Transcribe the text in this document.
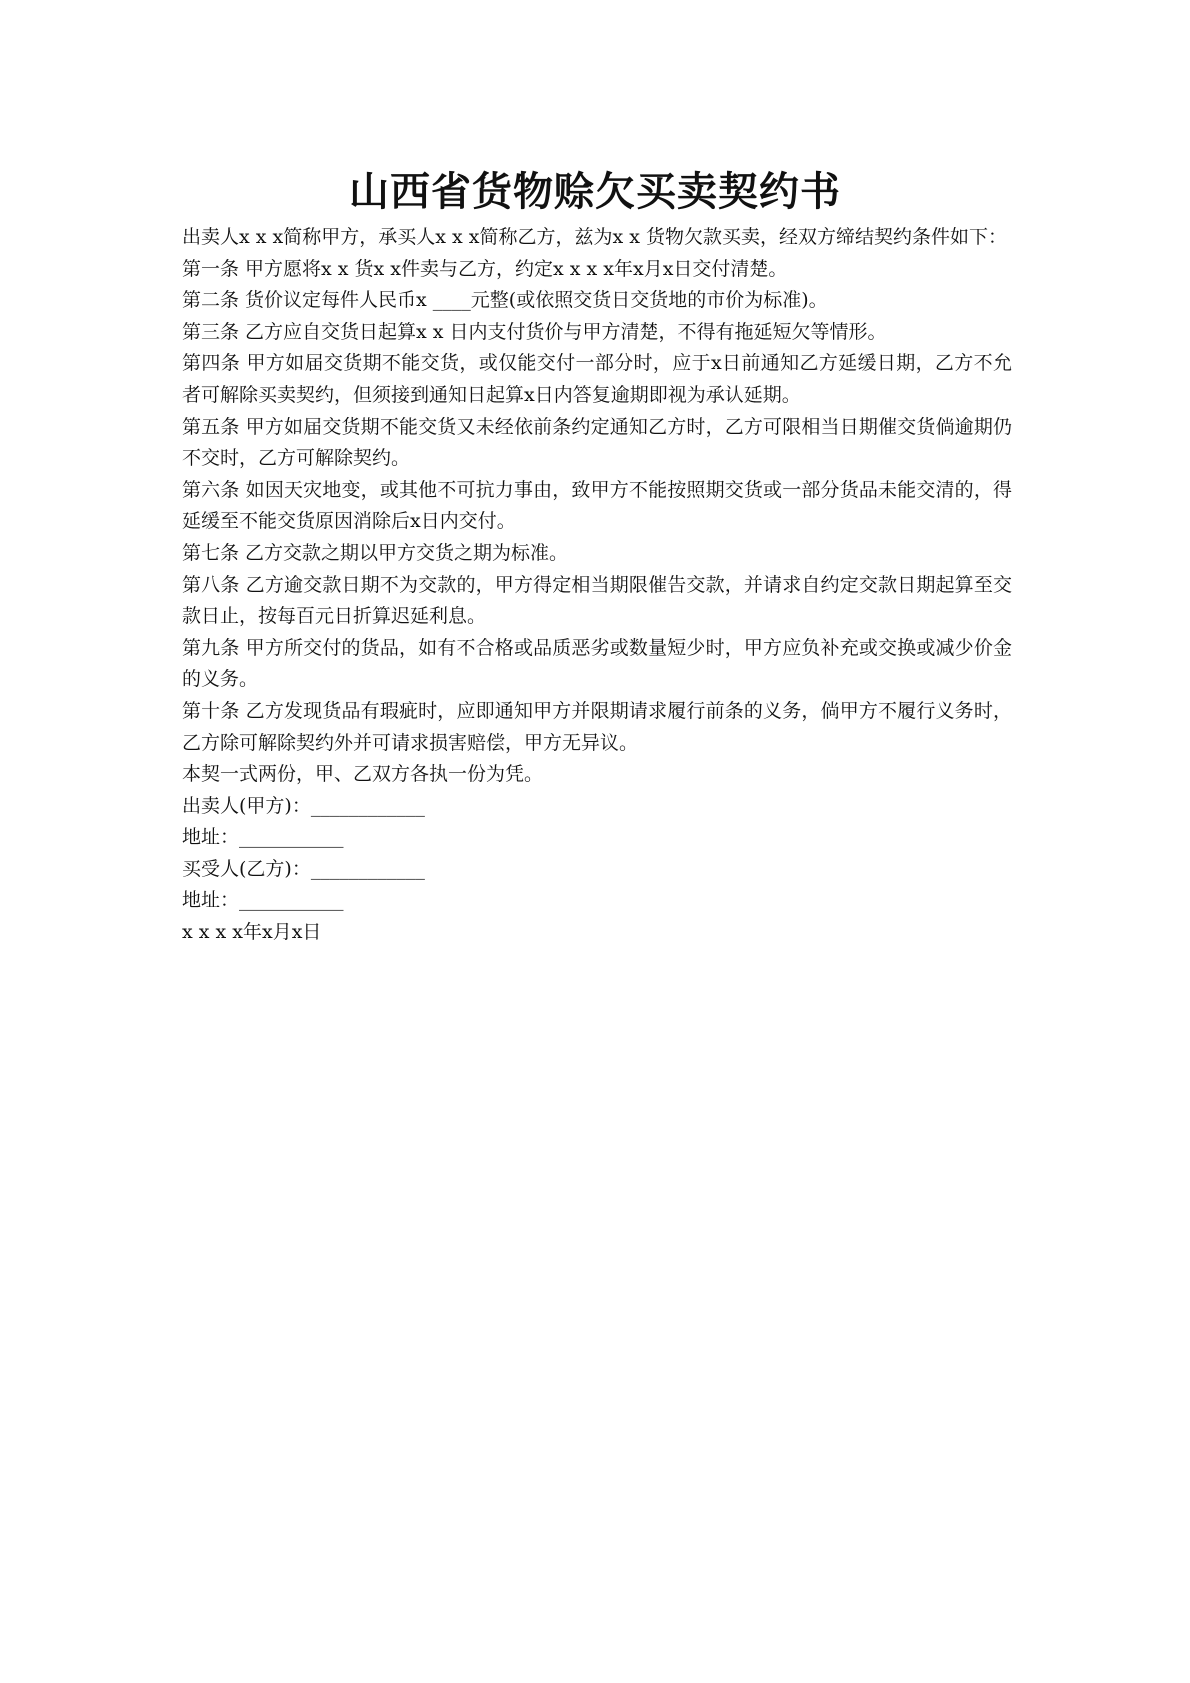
山西省货物赊欠买卖契约书

出卖人x x x简称甲方，承买人x x x简称乙方，兹为x x 货物欠款买卖，经双方缔结契约条件如下：

第一条 甲方愿将x x 货x x件卖与乙方，约定x x x x年x月x日交付清楚。

第二条 货价议定每件人民币x ____元整(或依照交货日交货地的市价为标准)。

第三条 乙方应自交货日起算x x 日内支付货价与甲方清楚，不得有拖延短欠等情形。

第四条 甲方如届交货期不能交货，或仅能交付一部分时，应于x日前通知乙方延缓日期，乙方不允者可解除买卖契约，但须接到通知日起算x日内答复逾期即视为承认延期。

第五条 甲方如届交货期不能交货又未经依前条约定通知乙方时，乙方可限相当日期催交货倘逾期仍不交时，乙方可解除契约。

第六条 如因天灾地变，或其他不可抗力事由，致甲方不能按照期交货或一部分货品未能交清的，得延缓至不能交货原因消除后x日内交付。

第七条 乙方交款之期以甲方交货之期为标准。

第八条 乙方逾交款日期不为交款的，甲方得定相当期限催告交款，并请求自约定交款日期起算至交款日止，按每百元日折算迟延利息。

第九条 甲方所交付的货品，如有不合格或品质恶劣或数量短少时，甲方应负补充或交换或减少价金的义务。

第十条 乙方发现货品有瑕疵时，应即通知甲方并限期请求履行前条的义务，倘甲方不履行义务时，乙方除可解除契约外并可请求损害赔偿，甲方无异议。

本契一式两份，甲、乙双方各执一份为凭。

出卖人(甲方)：____________

地址：___________

买受人(乙方)：____________

地址：___________

x x x x年x月x日
